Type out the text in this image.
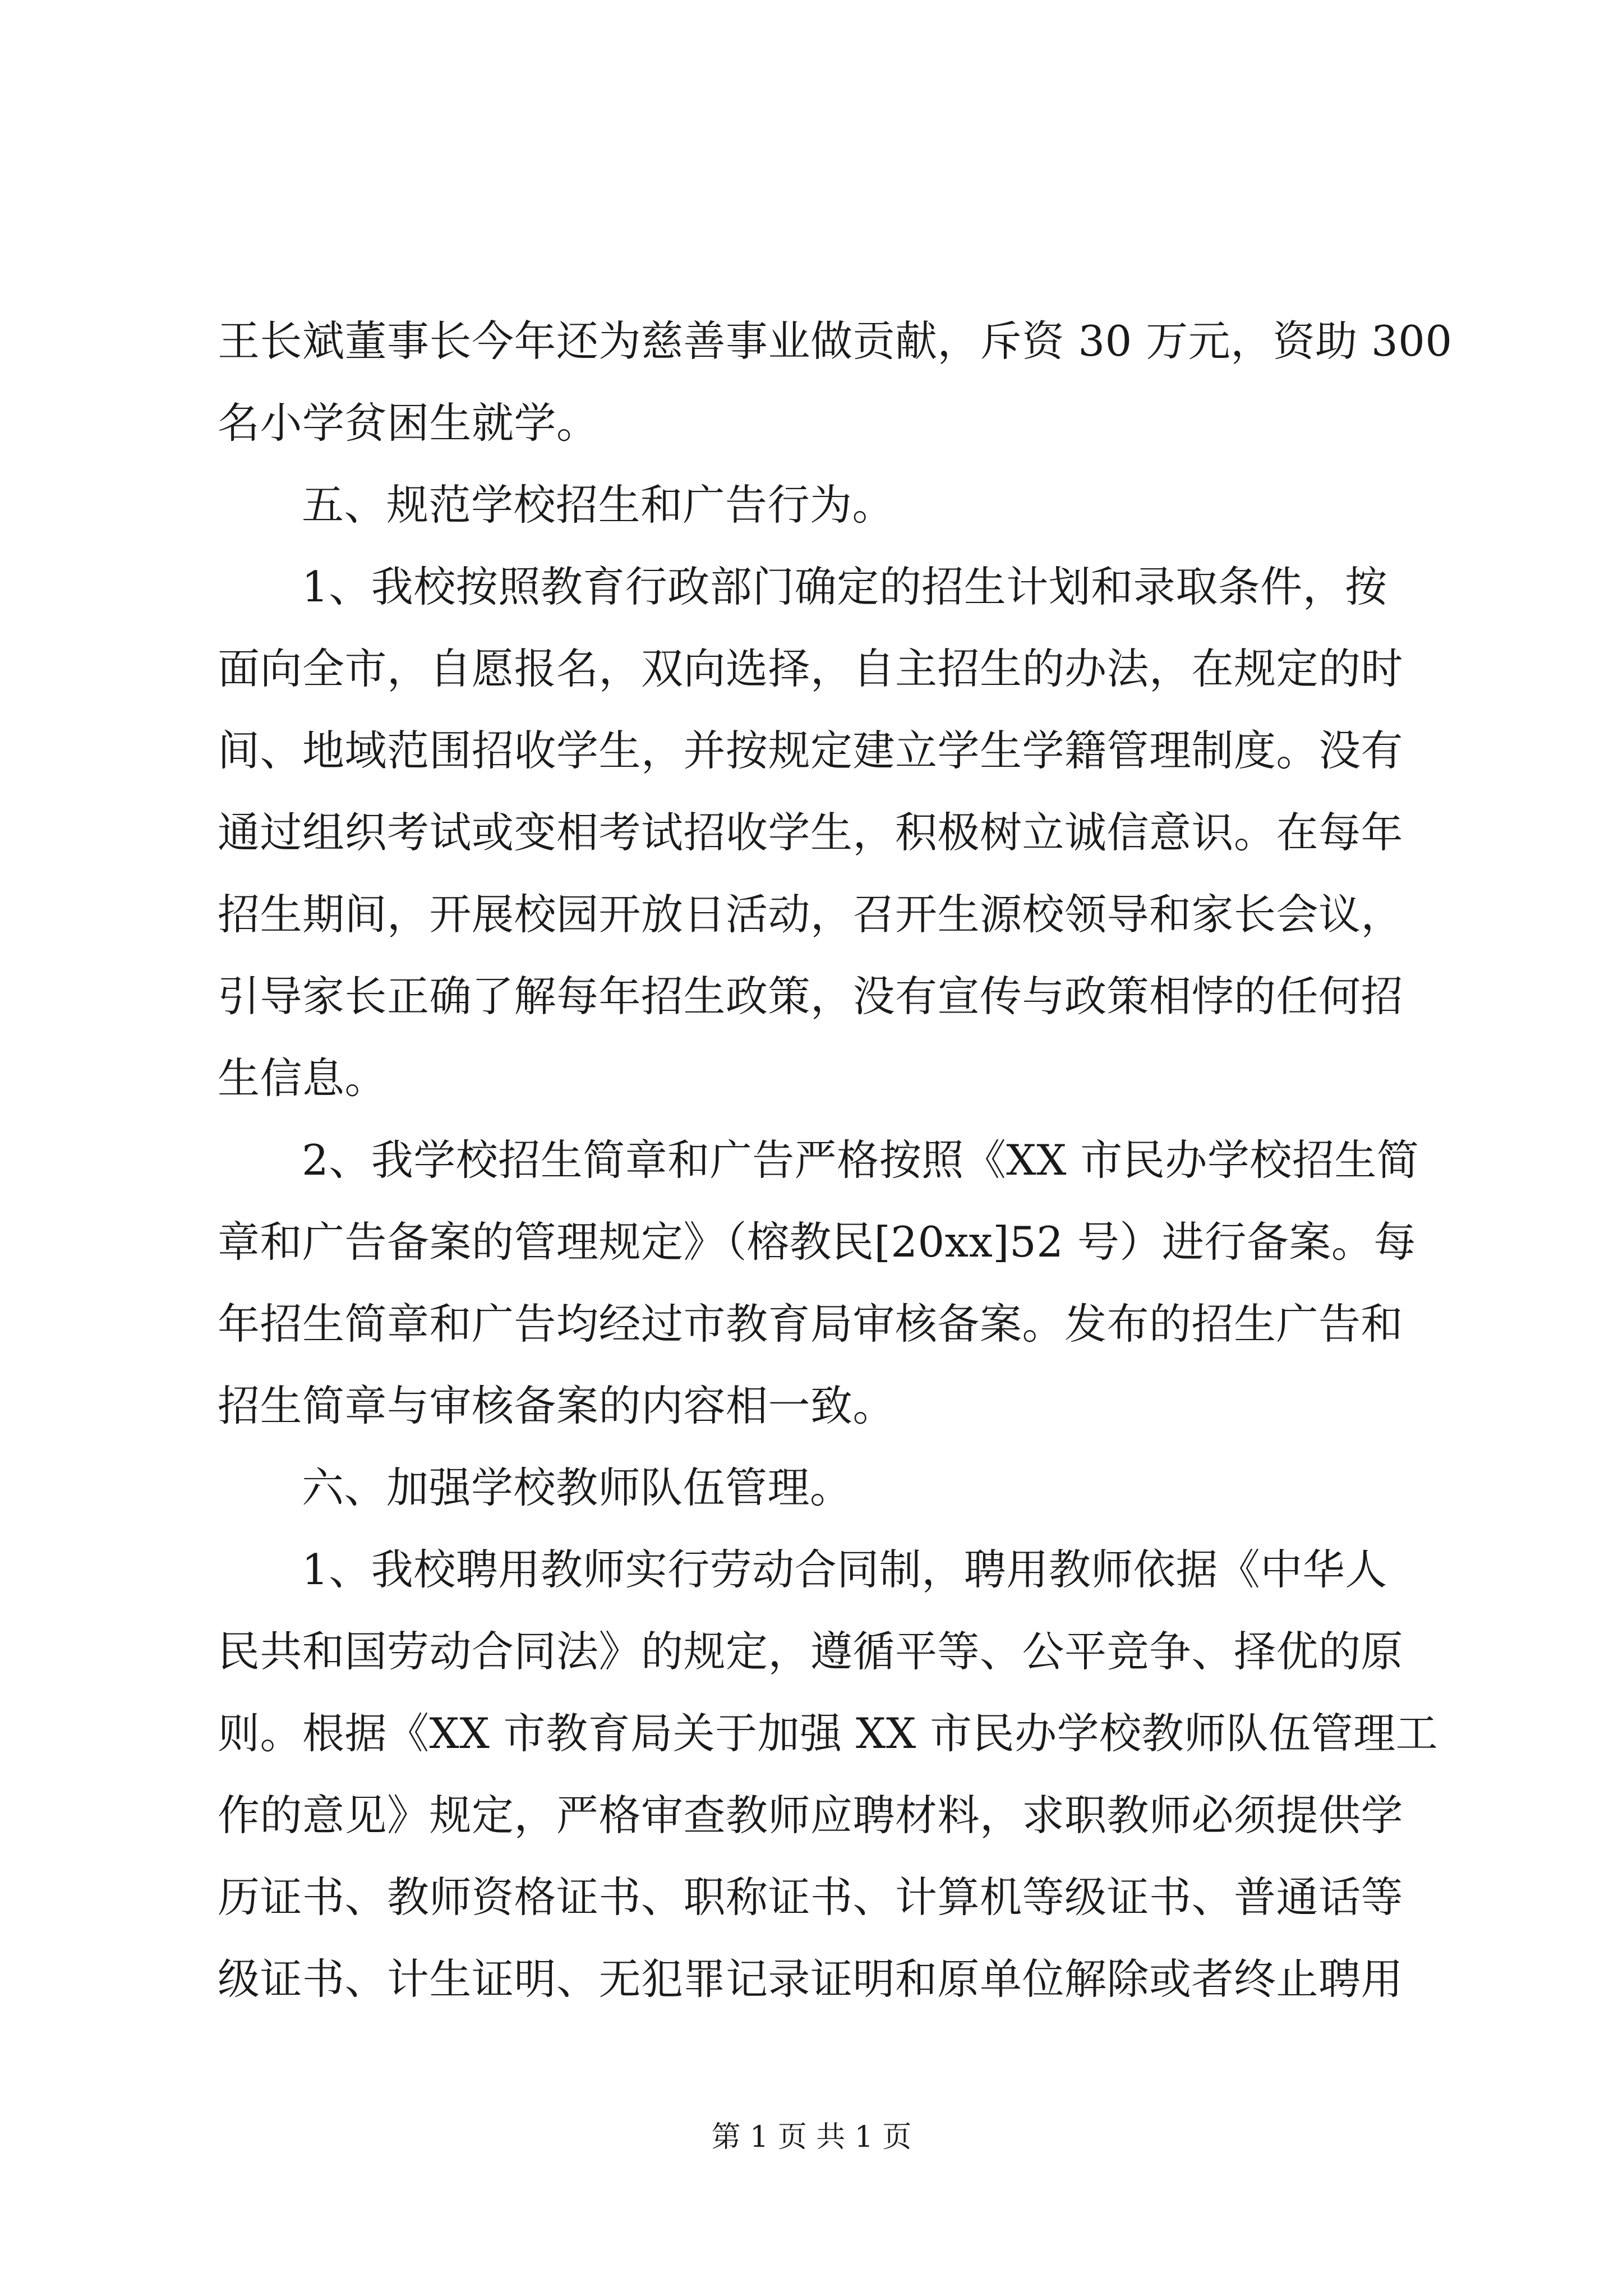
王长斌董事长今年还为慈善事业做贡献，斥资 30 万元，资助 300
名小学贫困生就学。
五、规范学校招生和广告行为。
1、我校按照教育行政部门确定的招生计划和录取条件，按
面向全市，自愿报名，双向选择，自主招生的办法，在规定的时
间、地域范围招收学生，并按规定建立学生学籍管理制度。没有
通过组织考试或变相考试招收学生，积极树立诚信意识。在每年
招生期间，开展校园开放日活动，召开生源校领导和家长会议，
引导家长正确了解每年招生政策，没有宣传与政策相悖的任何招
生信息。
2、我学校招生简章和广告严格按照《XX 市民办学校招生简
章和广告备案的管理规定》（榕教民[20xx]52 号）进行备案。每
年招生简章和广告均经过市教育局审核备案。发布的招生广告和
招生简章与审核备案的内容相一致。
六、加强学校教师队伍管理。
1、我校聘用教师实行劳动合同制，聘用教师依据《中华人
民共和国劳动合同法》的规定，遵循平等、公平竞争、择优的原
则。根据《XX 市教育局关于加强 XX 市民办学校教师队伍管理工
作的意见》规定，严格审查教师应聘材料，求职教师必须提供学
历证书、教师资格证书、职称证书、计算机等级证书、普通话等
级证书、计生证明、无犯罪记录证明和原单位解除或者终止聘用
第 1 页 共 1 页
